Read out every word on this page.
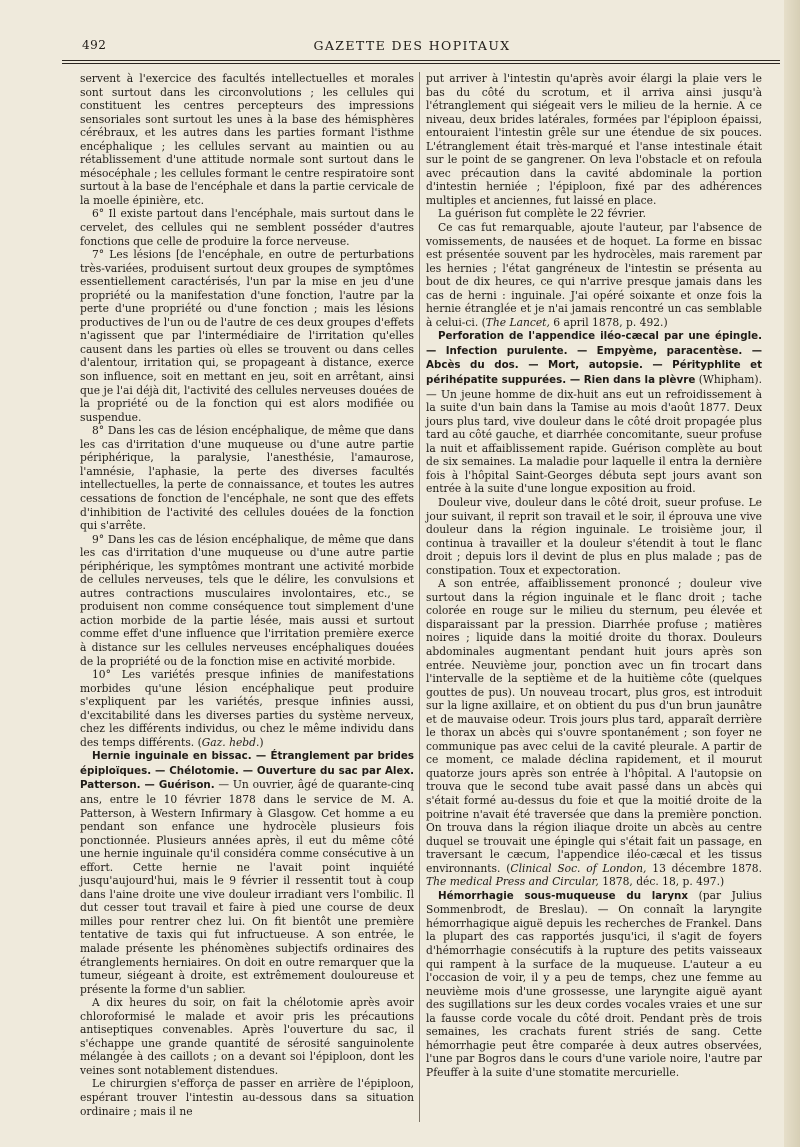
492	GAZETTE DES HOPITAUX

servent à l'exercice des facultés intellectuelles et morales sont surtout dans les circonvolutions ; les cellules qui constituent les centres percepteurs des impressions sensoriales sont surtout les unes à la base des hémisphères cérébraux, et les autres dans les parties formant l'isthme encéphalique ; les cellules servant au maintien ou au rétablissement d'une attitude normale sont surtout dans le mésocéphale ; les cellules formant le centre respiratoire sont surtout à la base de l'encéphale et dans la partie cervicale de la moelle épinière, etc.

6° Il existe partout dans l'encéphale, mais surtout dans le cervelet, des cellules qui ne semblent posséder d'autres fonctions que celle de produire la force nerveuse.

7° Les lésions [de l'encéphale, en outre de perturbations très-variées, produisent surtout deux groupes de symptômes essentiellement caractérisés, l'un par la mise en jeu d'une propriété ou la manifestation d'une fonction, l'autre par la perte d'une propriété ou d'une fonction ; mais les lésions productives de l'un ou de l'autre de ces deux groupes d'effets n'agissent que par l'intermédiaire de l'irritation qu'elles causent dans les parties où elles se trouvent ou dans celles d'alentour, irritation qui, se propageant à distance, exerce son influence, soit en mettant en jeu, soit en arrêtant, ainsi que je l'ai déjà dit, l'activité des cellules nerveuses douées de la propriété ou de la fonction qui est alors modifiée ou suspendue.

8° Dans les cas de lésion encéphalique, de même que dans les cas d'irritation d'une muqueuse ou d'une autre partie périphérique, la paralysie, l'anesthésie, l'amaurose, l'amnésie, l'aphasie, la perte des diverses facultés intellectuelles, la perte de connaissance, et toutes les autres cessations de fonction de l'encéphale, ne sont que des effets d'inhibition de l'activité des cellules douées de la fonction qui s'arrête.

9° Dans les cas de lésion encéphalique, de même que dans les cas d'irritation d'une muqueuse ou d'une autre partie périphérique, les symptômes montrant une activité morbide de cellules nerveuses, tels que le délire, les convulsions et autres contractions musculaires involontaires, etc., se produisent non comme conséquence tout simplement d'une action morbide de la partie lésée, mais aussi et surtout comme effet d'une influence que l'irritation première exerce à distance sur les cellules nerveuses encéphaliques douées de la propriété ou de la fonction mise en activité morbide.

10° Les variétés presque infinies de manifestations morbides qu'une lésion encéphalique peut produire s'expliquent par les variétés, presque infinies aussi, d'excitabilité dans les diverses parties du système nerveux, chez les différents individus, ou chez le même individu dans des temps différents. (Gaz. hebd.)

Hernie inguinale en bissac. — Étranglement par brides épiploïques. — Chélotomie. — Ouverture du sac par Alex. Patterson. — Guérison. — Un ouvrier, âgé de quarante-cinq ans, entre le 10 février 1878 dans le service de M. A. Patterson, à Western Infirmary à Glasgow. Cet homme a eu pendant son enfance une hydrocèle plusieurs fois ponctionnée. Plusieurs années après, il eut du même côté une hernie inguinale qu'il considéra comme consécutive à un effort. Cette hernie ne l'avait point inquiété jusqu'aujourd'hui, mais le 9 février il ressentit tout à coup dans l'aine droite une vive douleur irradiant vers l'ombilic. Il dut cesser tout travail et faire à pied une course de deux milles pour rentrer chez lui. On fit bientôt une première tentative de taxis qui fut infructueuse. A son entrée, le malade présente les phénomènes subjectifs ordinaires des étranglements herniaires. On doit en outre remarquer que la tumeur, siégeant à droite, est extrêmement douloureuse et présente la forme d'un sablier.

A dix heures du soir, on fait la chélotomie après avoir chloroformisé le malade et avoir pris les précautions antiseptiques convenables. Après l'ouverture du sac, il s'échappe une grande quantité de sérosité sanguinolente mélangée à des caillots ; on a devant soi l'épiploon, dont les veines sont notablement distendues.

Le chirurgien s'efforça de passer en arrière de l'épiploon, espérant trouver l'intestin au-dessous dans sa situation ordinaire ; mais il ne

put arriver à l'intestin qu'après avoir élargi la plaie vers le bas du côté du scrotum, et il arriva ainsi jusqu'à l'étranglement qui siégeait vers le milieu de la hernie. A ce niveau, deux brides latérales, formées par l'épiploon épaissi, entouraient l'intestin grêle sur une étendue de six pouces. L'étranglement était très-marqué et l'anse intestinale était sur le point de se gangrener. On leva l'obstacle et on refoula avec précaution dans la cavité abdominale la portion d'intestin herniée ; l'épiploon, fixé par des adhérences multiples et anciennes, fut laissé en place.

La guérison fut complète le 22 février.

Ce cas fut remarquable, ajoute l'auteur, par l'absence de vomissements, de nausées et de hoquet. La forme en bissac est présentée souvent par les hydrocèles, mais rarement par les hernies ; l'état gangréneux de l'intestin se présenta au bout de dix heures, ce qui n'arrive presque jamais dans les cas de herni : inguinale. J'ai opéré soixante et onze fois la hernie étranglée et je n'ai jamais rencontré un cas semblable à celui-ci. (The Lancet, 6 april 1878, p. 492.)

Perforation de l'appendice iléo-cæcal par une épingle. — Infection purulente. — Empyème, paracentèse. — Abcès du dos. — Mort, autopsie. — Pérityphlite et périhépatite suppurées. — Rien dans la plèvre (Whipham). — Un jeune homme de dix-huit ans eut un refroidissement à la suite d'un bain dans la Tamise au mois d'août 1877. Deux jours plus tard, vive douleur dans le côté droit propagée plus tard au côté gauche, et diarrhée concomitante, sueur profuse la nuit et affaiblissement rapide. Guérison complète au bout de six semaines. La maladie pour laquelle il entra la dernière fois à l'hôpital Saint-Georges débuta sept jours avant son entrée à la suite d'une longue exposition au froid.

Douleur vive, douleur dans le côté droit, sueur profuse. Le jour suivant, il reprit son travail et le soir, il éprouva une vive douleur dans la région inguinale. Le troisième jour, il continua à travailler et la douleur s'étendit à tout le flanc droit ; depuis lors il devint de plus en plus malade ; pas de constipation. Toux et expectoration.

A son entrée, affaiblissement prononcé ; douleur vive surtout dans la région inguinale et le flanc droit ; tache colorée en rouge sur le milieu du sternum, peu élevée et disparaissant par la pression. Diarrhée profuse ; matières noires ; liquide dans la moitié droite du thorax. Douleurs abdominales augmentant pendant huit jours après son entrée. Neuvième jour, ponction avec un fin trocart dans l'intervalle de la septième et de la huitième côte (quelques gouttes de pus). Un nouveau trocart, plus gros, est introduit sur la ligne axillaire, et on obtient du pus d'un brun jaunâtre et de mauvaise odeur. Trois jours plus tard, apparaît derrière le thorax un abcès qui s'ouvre spontanément ; son foyer ne communique pas avec celui de la cavité pleurale. A partir de ce moment, ce malade déclina rapidement, et il mourut quatorze jours après son entrée à l'hôpital. A l'autopsie on trouva que le second tube avait passé dans un abcès qui s'était formé au-dessus du foie et que la moitié droite de la poitrine n'avait été traversée que dans la première ponction. On trouva dans la région iliaque droite un abcès au centre duquel se trouvait une épingle qui s'était fait un passage, en traversant le cæcum, l'appendice iléo-cæcal et les tissus environnants. (Clinical Soc. of London, 13 décembre 1878. The medical Press and Circular, 1878, déc. 18, p. 497.)

Hémorrhagie sous-muqueuse du larynx (par Julius Sommenbrodt, de Breslau). — On connaît la laryngite hémorrhagique aiguë depuis les recherches de Frankel. Dans la plupart des cas rapportés jusqu'ici, il s'agit de foyers d'hémorrhagie consécutifs à la rupture des petits vaisseaux qui rampent à la surface de la muqueuse. L'auteur a eu l'occasion de voir, il y a peu de temps, chez une femme au neuvième mois d'une grossesse, une laryngite aiguë ayant des sugillations sur les deux cordes vocales vraies et une sur la fausse corde vocale du côté droit. Pendant près de trois semaines, les crachats furent striés de sang. Cette hémorrhagie peut être comparée à deux autres observées, l'une par Bogros dans le cours d'une variole noire, l'autre par Pfeuffer à la suite d'une stomatite mercurielle.
